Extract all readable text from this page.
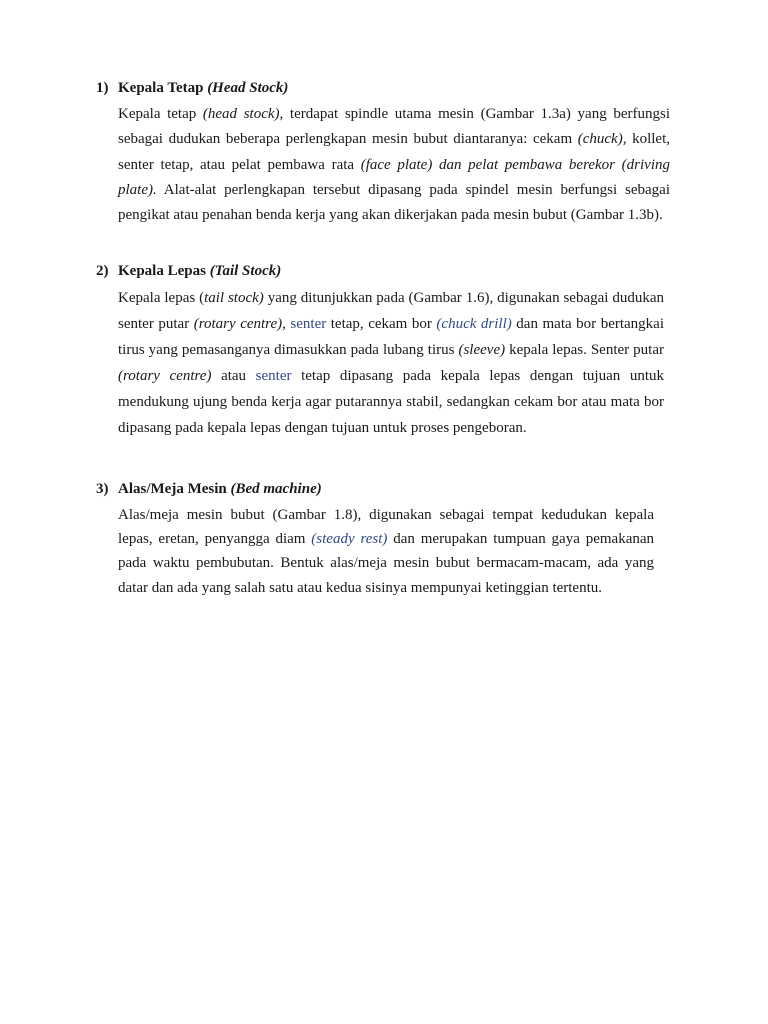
1) Kepala Tetap (Head Stock)
Kepala tetap (head stock), terdapat spindle utama mesin (Gambar 1.3a) yang berfungsi sebagai dudukan beberapa perlengkapan mesin bubut diantaranya: cekam (chuck), kollet, senter tetap, atau pelat pembawa rata (face plate) dan pelat pembawa berekor (driving plate). Alat-alat perlengkapan tersebut dipasang pada spindel mesin berfungsi sebagai pengikat atau penahan benda kerja yang akan dikerjakan pada mesin bubut (Gambar 1.3b).
2) Kepala Lepas (Tail Stock)
Kepala lepas (tail stock) yang ditunjukkan pada (Gambar 1.6), digunakan sebagai dudukan senter putar (rotary centre), senter tetap, cekam bor (chuck drill) dan mata bor bertangkai tirus yang pemasanganya dimasukkan pada lubang tirus (sleeve) kepala lepas. Senter putar (rotary centre) atau senter tetap dipasang pada kepala lepas dengan tujuan untuk mendukung ujung benda kerja agar putarannya stabil, sedangkan cekam bor atau mata bor dipasang pada kepala lepas dengan tujuan untuk proses pengeboran.
3) Alas/Meja Mesin (Bed machine)
Alas/meja mesin bubut (Gambar 1.8), digunakan sebagai tempat kedudukan kepala lepas, eretan, penyangga diam (steady rest) dan merupakan tumpuan gaya pemakanan pada waktu pembubutan. Bentuk alas/meja mesin bubut bermacam-macam, ada yang datar dan ada yang salah satu atau kedua sisinya mempunyai ketinggian tertentu.
